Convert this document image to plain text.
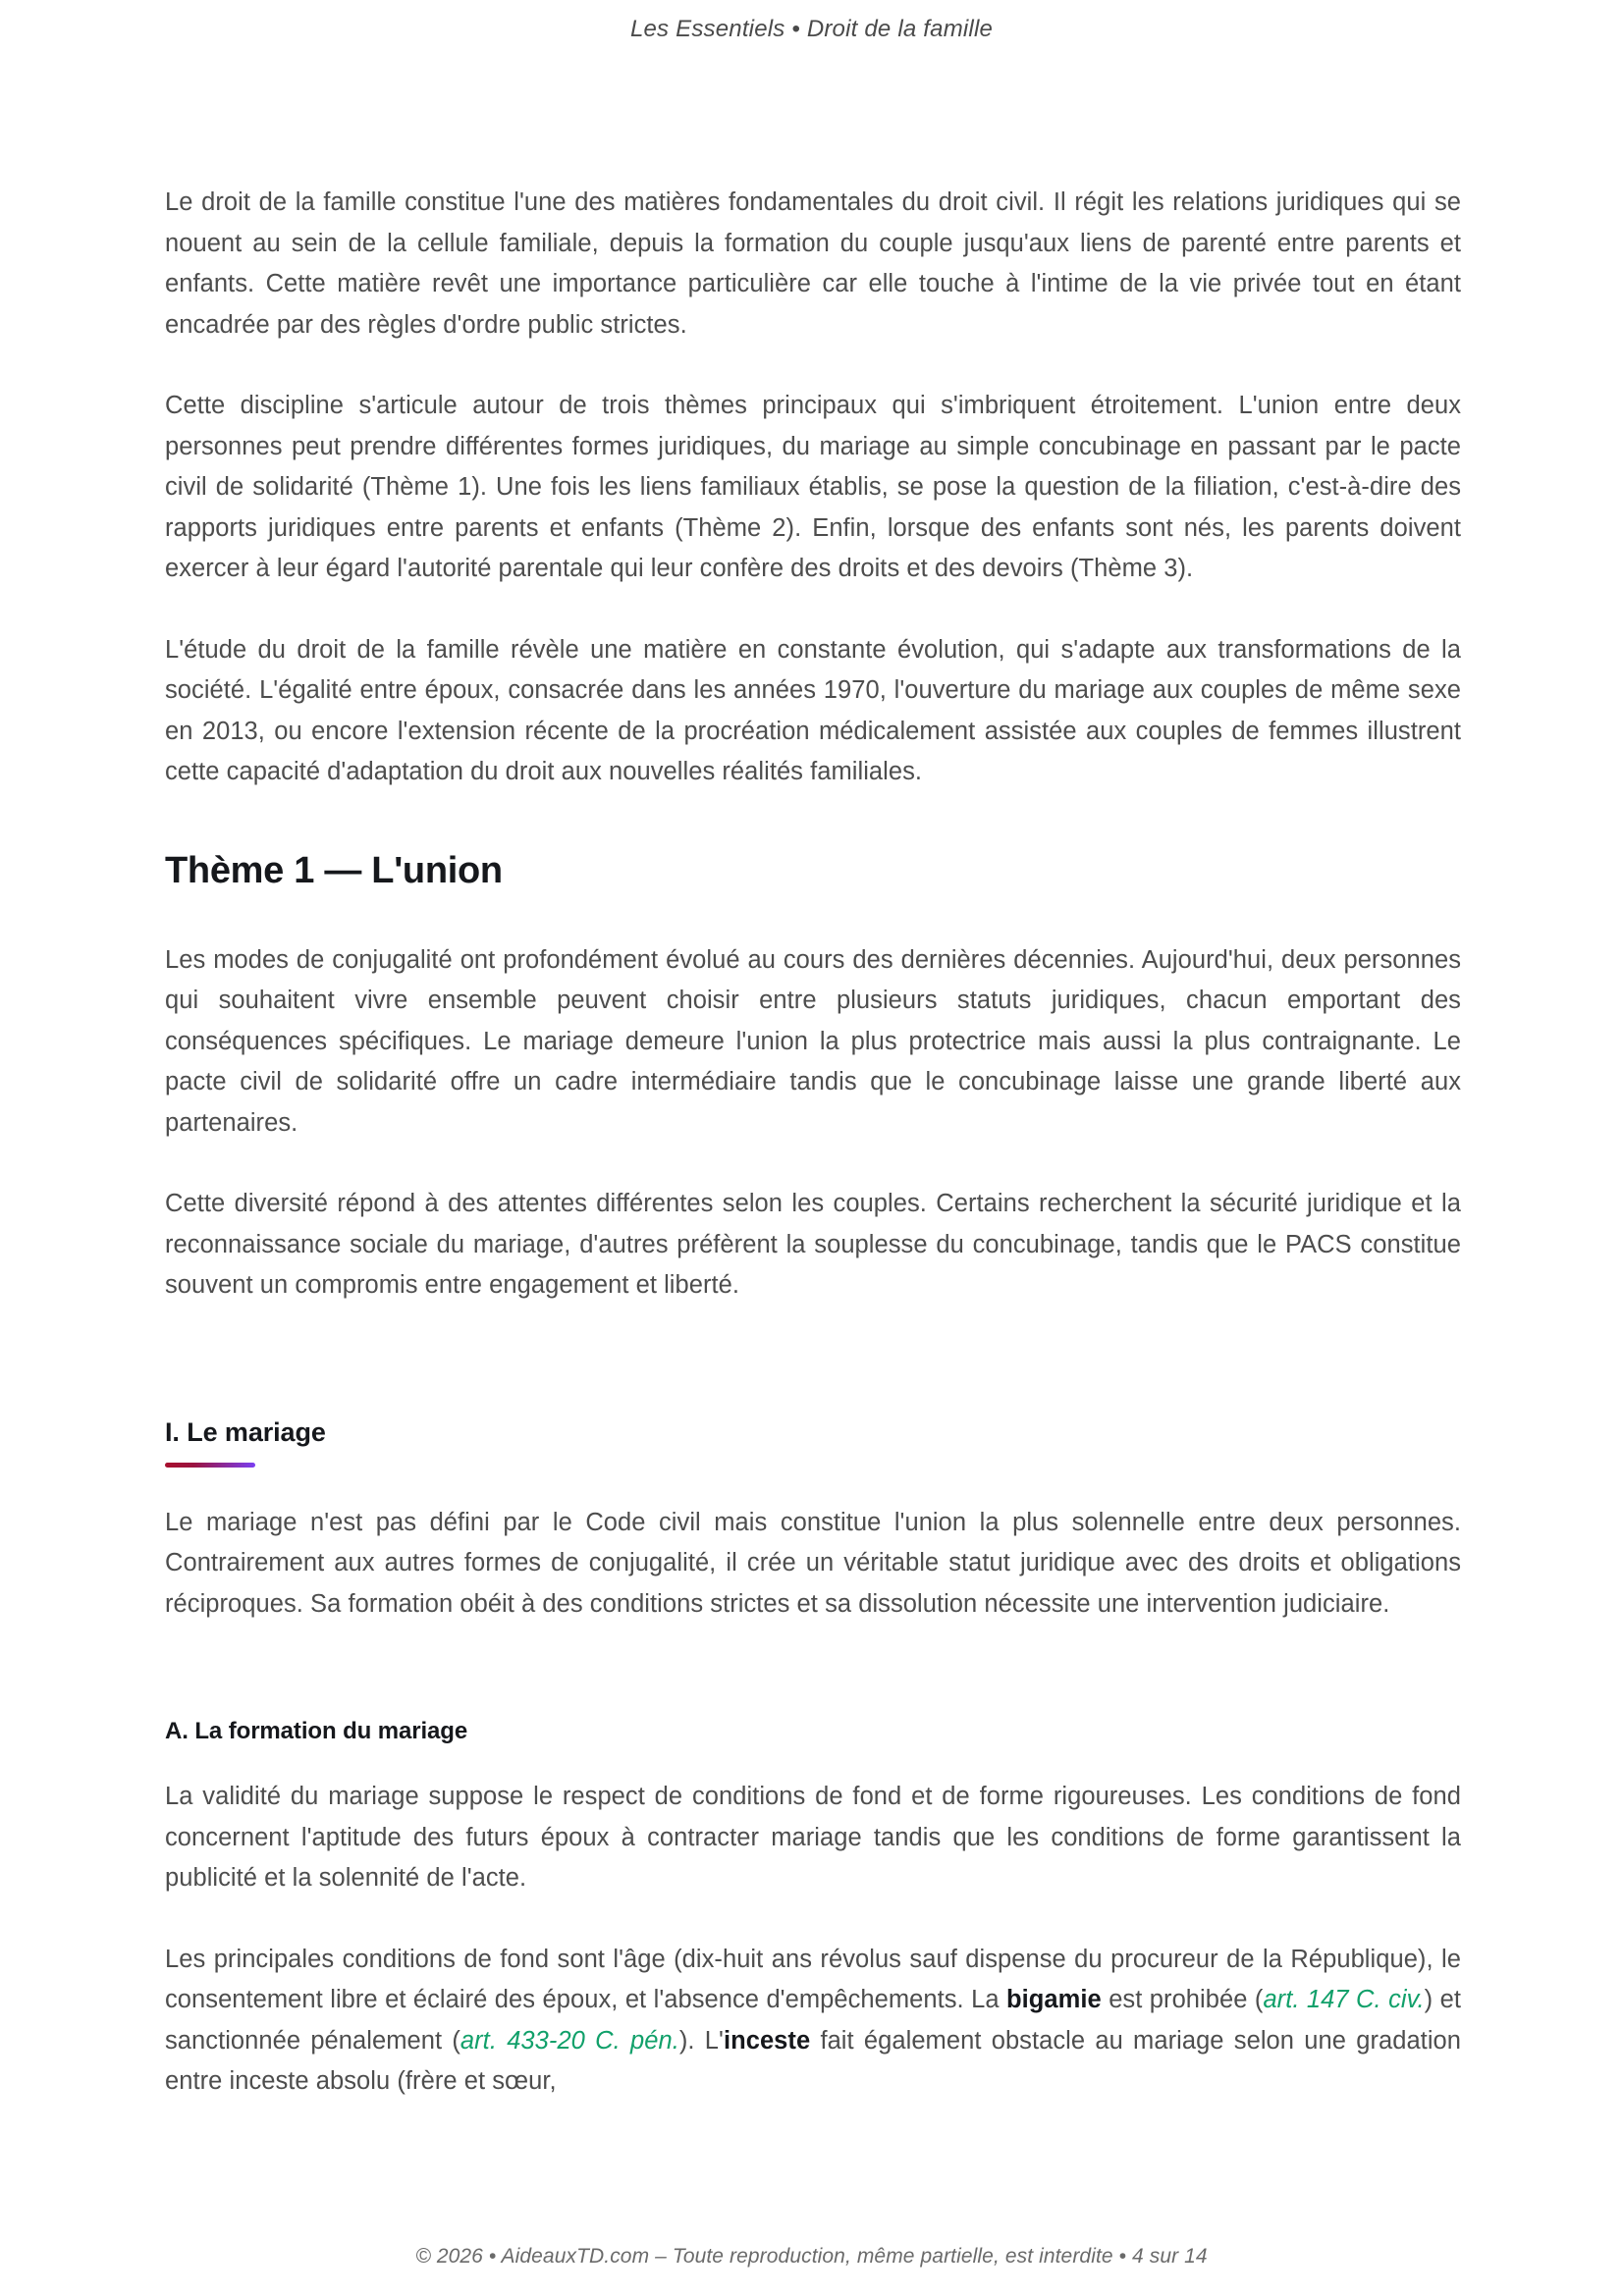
Les Essentiels • Droit de la famille

Le droit de la famille constitue l'une des matières fondamentales du droit civil. Il régit les relations juridiques qui se nouent au sein de la cellule familiale, depuis la formation du couple jusqu'aux liens de parenté entre parents et enfants. Cette matière revêt une importance particulière car elle touche à l'intime de la vie privée tout en étant encadrée par des règles d'ordre public strictes.

Cette discipline s'articule autour de trois thèmes principaux qui s'imbriquent étroitement. L'union entre deux personnes peut prendre différentes formes juridiques, du mariage au simple concubinage en passant par le pacte civil de solidarité (Thème 1). Une fois les liens familiaux établis, se pose la question de la filiation, c'est-à-dire des rapports juridiques entre parents et enfants (Thème 2). Enfin, lorsque des enfants sont nés, les parents doivent exercer à leur égard l'autorité parentale qui leur confère des droits et des devoirs (Thème 3).

L'étude du droit de la famille révèle une matière en constante évolution, qui s'adapte aux transformations de la société. L'égalité entre époux, consacrée dans les années 1970, l'ouverture du mariage aux couples de même sexe en 2013, ou encore l'extension récente de la procréation médicalement assistée aux couples de femmes illustrent cette capacité d'adaptation du droit aux nouvelles réalités familiales.

Thème 1 — L'union

Les modes de conjugalité ont profondément évolué au cours des dernières décennies. Aujourd'hui, deux personnes qui souhaitent vivre ensemble peuvent choisir entre plusieurs statuts juridiques, chacun emportant des conséquences spécifiques. Le mariage demeure l'union la plus protectrice mais aussi la plus contraignante. Le pacte civil de solidarité offre un cadre intermédiaire tandis que le concubinage laisse une grande liberté aux partenaires.

Cette diversité répond à des attentes différentes selon les couples. Certains recherchent la sécurité juridique et la reconnaissance sociale du mariage, d'autres préfèrent la souplesse du concubinage, tandis que le PACS constitue souvent un compromis entre engagement et liberté.

I. Le mariage

Le mariage n'est pas défini par le Code civil mais constitue l'union la plus solennelle entre deux personnes. Contrairement aux autres formes de conjugalité, il crée un véritable statut juridique avec des droits et obligations réciproques. Sa formation obéit à des conditions strictes et sa dissolution nécessite une intervention judiciaire.

A. La formation du mariage

La validité du mariage suppose le respect de conditions de fond et de forme rigoureuses. Les conditions de fond concernent l'aptitude des futurs époux à contracter mariage tandis que les conditions de forme garantissent la publicité et la solennité de l'acte.

Les principales conditions de fond sont l'âge (dix-huit ans révolus sauf dispense du procureur de la République), le consentement libre et éclairé des époux, et l'absence d'empêchements. La bigamie est prohibée (art. 147 C. civ.) et sanctionnée pénalement (art. 433-20 C. pén.). L'inceste fait également obstacle au mariage selon une gradation entre inceste absolu (frère et sœur,

© 2026 • AideauxTD.com – Toute reproduction, même partielle, est interdite • 4 sur 14
